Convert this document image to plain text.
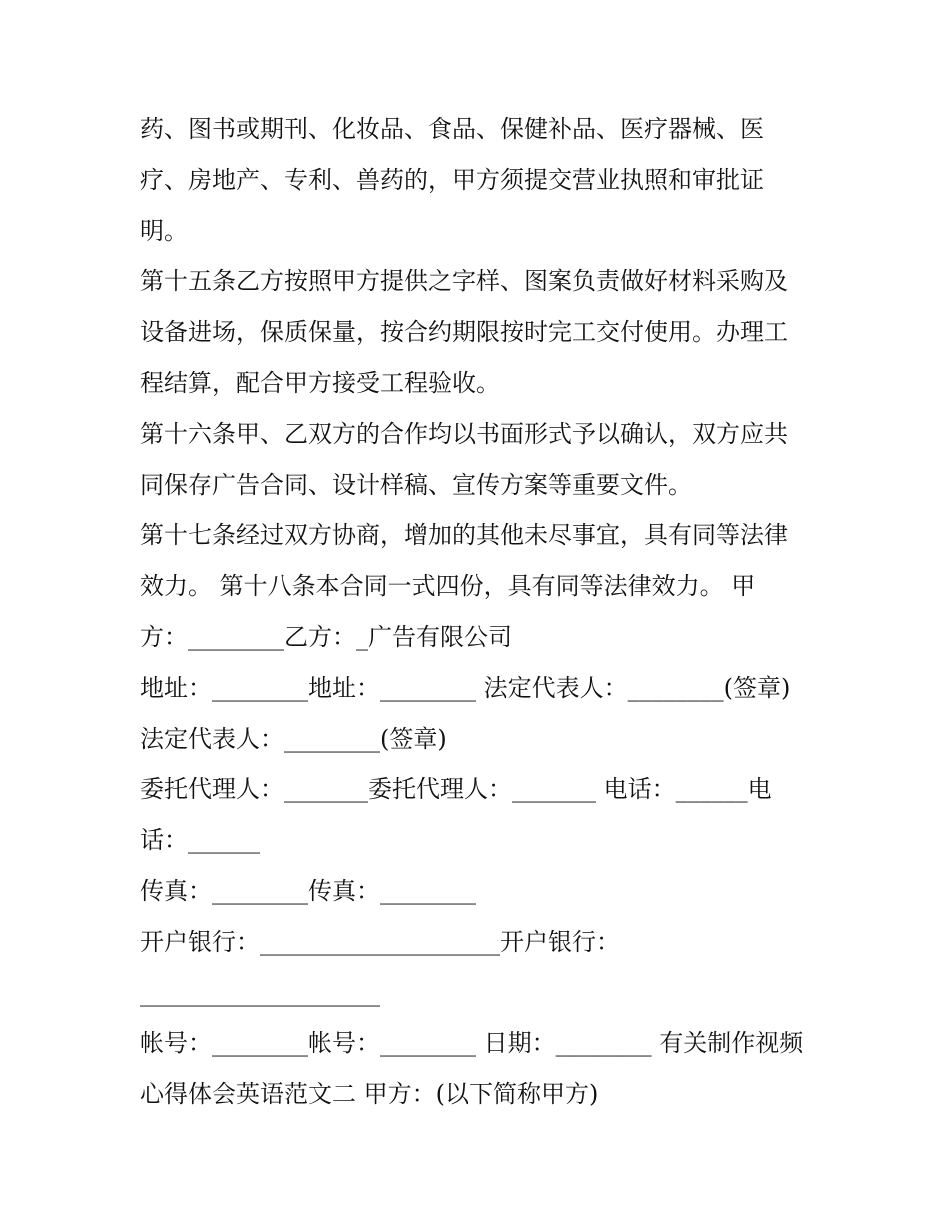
药、图书或期刊、化妆品、食品、保健补品、医疗器械、医
疗、房地产、专利、兽药的，甲方须提交营业执照和审批证
明。
第十五条乙方按照甲方提供之字样、图案负责做好材料采购及
设备进场，保质保量，按合约期限按时完工交付使用。办理工
程结算，配合甲方接受工程验收。
第十六条甲、乙双方的合作均以书面形式予以确认，双方应共
同保存广告合同、设计样稿、宣传方案等重要文件。
第十七条经过双方协商，增加的其他未尽事宜，具有同等法律
效力。 第十八条本合同一式四份，具有同等法律效力。 甲
方：________乙方：_广告有限公司
地址：________地址：________ 法定代表人：________(签章)
法定代表人：________(签章)
委托代理人：_______委托代理人：_______ 电话：______电
话：______
传真：________传真：________
开户银行：____________________开户银行：
____________________
帐号：________帐号：________ 日期：________ 有关制作视频
心得体会英语范文二 甲方：(以下简称甲方)
